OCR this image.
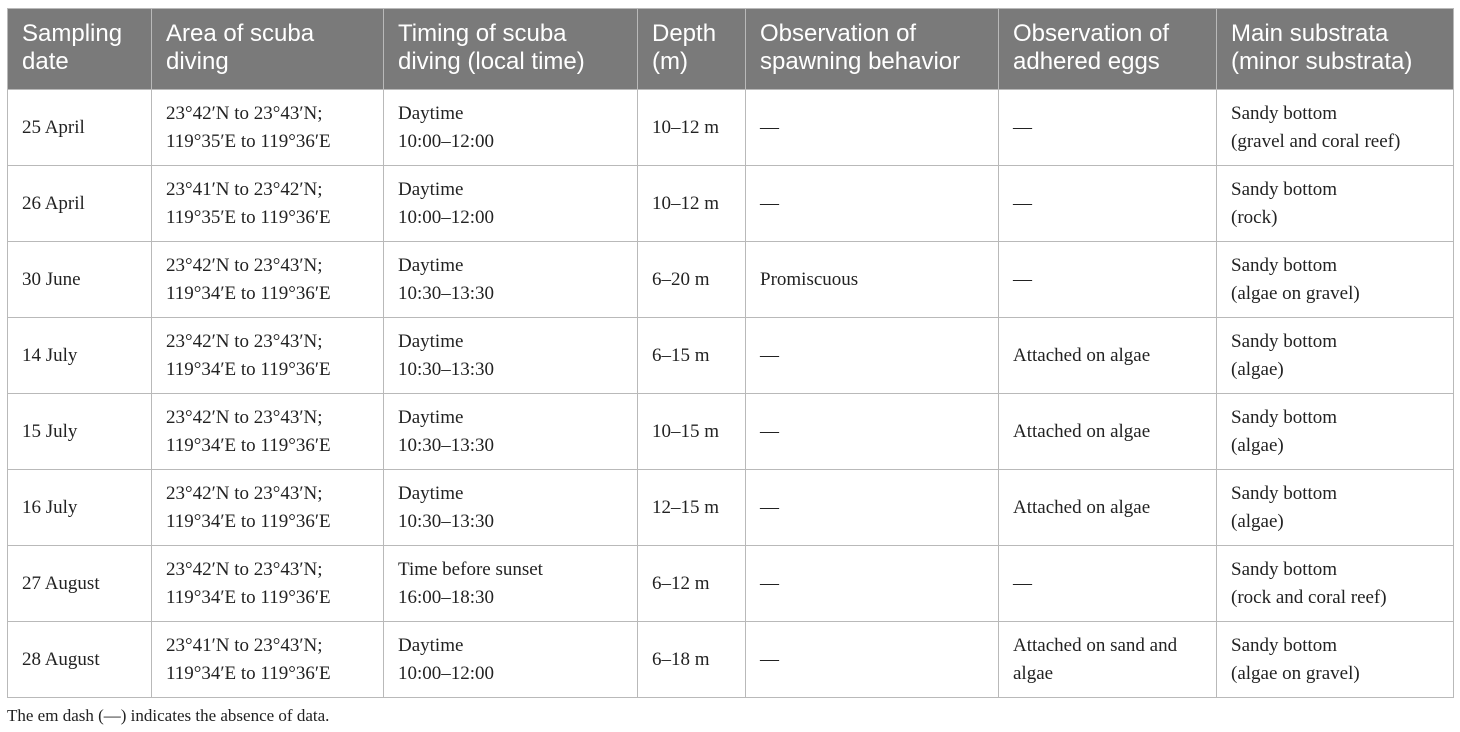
Sampling
date	Area of scuba
diving	Timing of scuba
diving (local time)	Depth
(m)	Observation of
spawning behavior	Observation of
adhered eggs	Main substrata
(minor substrata)

25 April	23°42′N to 23°43′N;
119°35′E to 119°36′E	Daytime
10:00–12:00	10–12 m	—	—	Sandy bottom
(gravel and coral reef)

26 April	23°41′N to 23°42′N;
119°35′E to 119°36′E	Daytime
10:00–12:00	10–12 m	—	—	Sandy bottom
(rock)

30 June	23°42′N to 23°43′N;
119°34′E to 119°36′E	Daytime
10:30–13:30	6–20 m	Promiscuous	—	Sandy bottom
(algae on gravel)

14 July	23°42′N to 23°43′N;
119°34′E to 119°36′E	Daytime
10:30–13:30	6–15 m	—	Attached on algae	Sandy bottom
(algae)

15 July	23°42′N to 23°43′N;
119°34′E to 119°36′E	Daytime
10:30–13:30	10–15 m	—	Attached on algae	Sandy bottom
(algae)

16 July	23°42′N to 23°43′N;
119°34′E to 119°36′E	Daytime
10:30–13:30	12–15 m	—	Attached on algae	Sandy bottom
(algae)

27 August	23°42′N to 23°43′N;
119°34′E to 119°36′E	Time before sunset
16:00–18:30	6–12 m	—	—	Sandy bottom
(rock and coral reef)

28 August	23°41′N to 23°43′N;
119°34′E to 119°36′E	Daytime
10:00–12:00	6–18 m	—	Attached on sand and
algae	Sandy bottom
(algae on gravel)
The em dash (—) indicates the absence of data.
